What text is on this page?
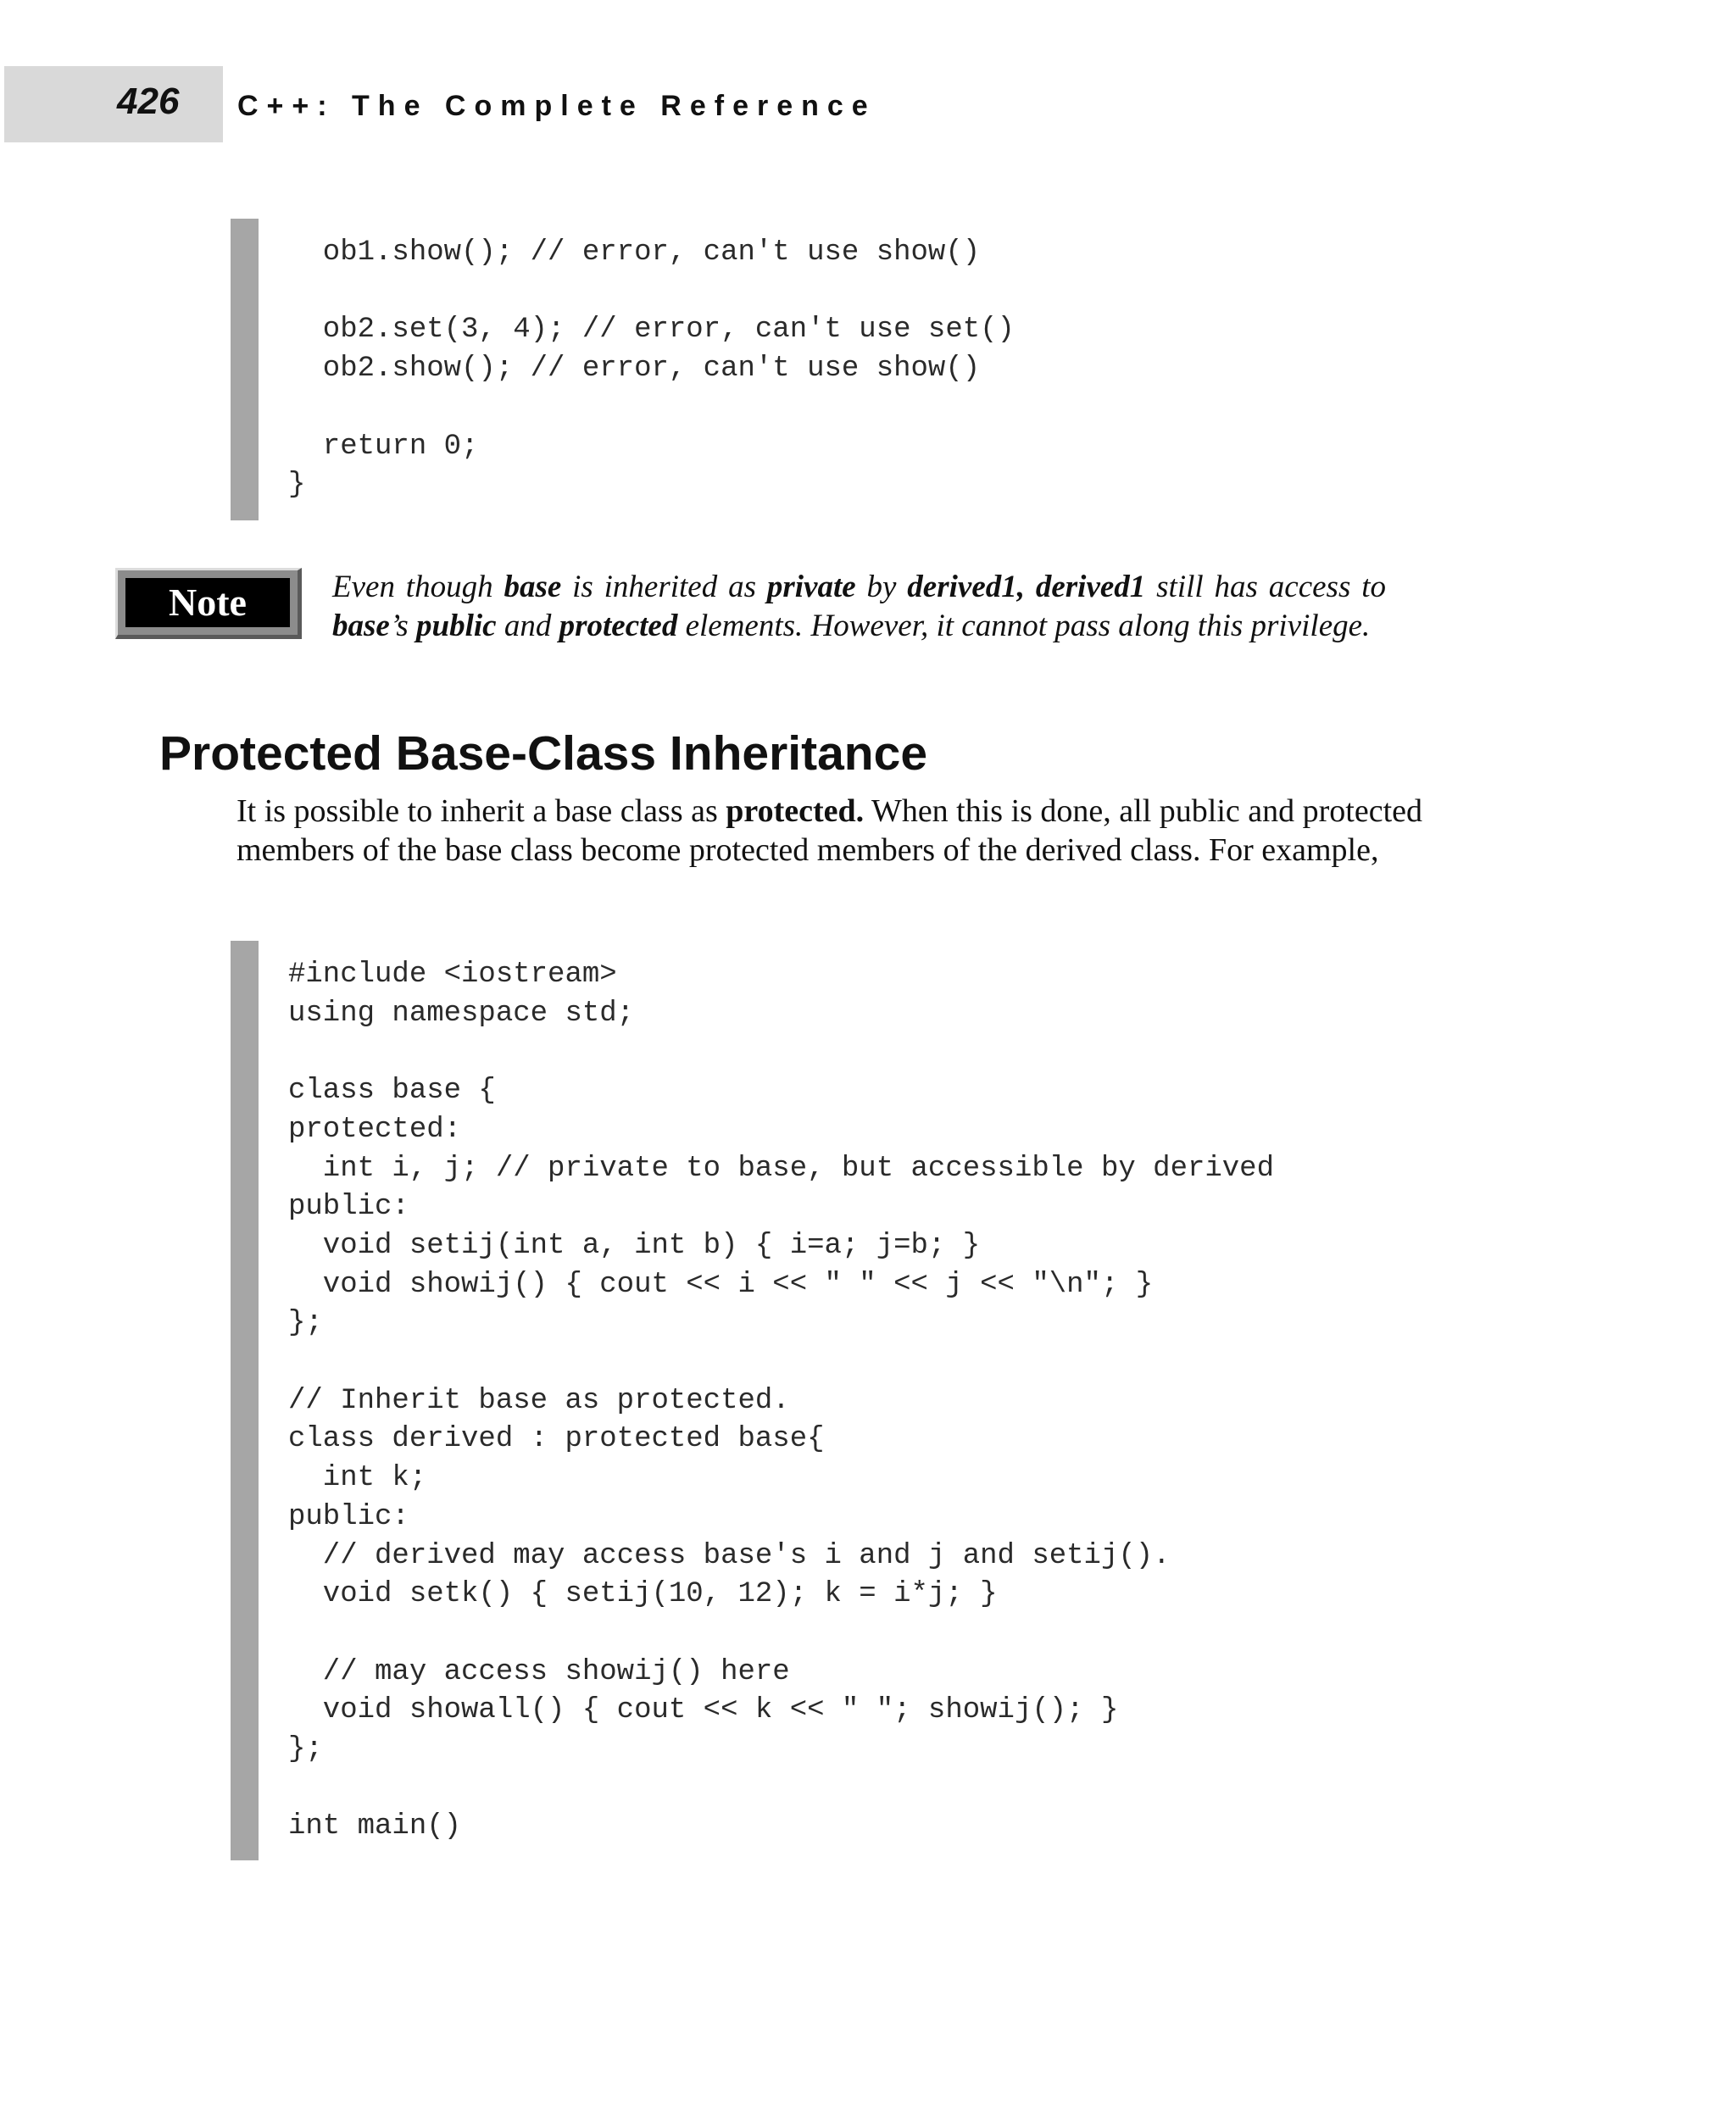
426 C++: The Complete Reference
ob1.show(); // error, can't use show()

ob2.set(3, 4); // error, can't use set()
ob2.show(); // error, can't use show()

return 0;
}
Note	Even though base is inherited as private by derived1, derived1 still has access to base’s public and protected elements. However, it cannot pass along this privilege.

Protected Base-Class Inheritance

It is possible to inherit a base class as protected. When this is done, all public and protected members of the base class become protected members of the derived class. For example,

#include <iostream>
using namespace std;

class base {
protected:
int i, j; // private to base, but accessible by derived
public:
void setij(int a, int b) { i=a; j=b; }
void showij() { cout << i << " " << j << "\n"; }
};

// Inherit base as protected.
class derived : protected base{
int k;
public:
// derived may access base's i and j and setij().
void setk() { setij(10, 12); k = i*j; }

// may access showij() here
void showall() { cout << k << " "; showij(); }
};

int main()
